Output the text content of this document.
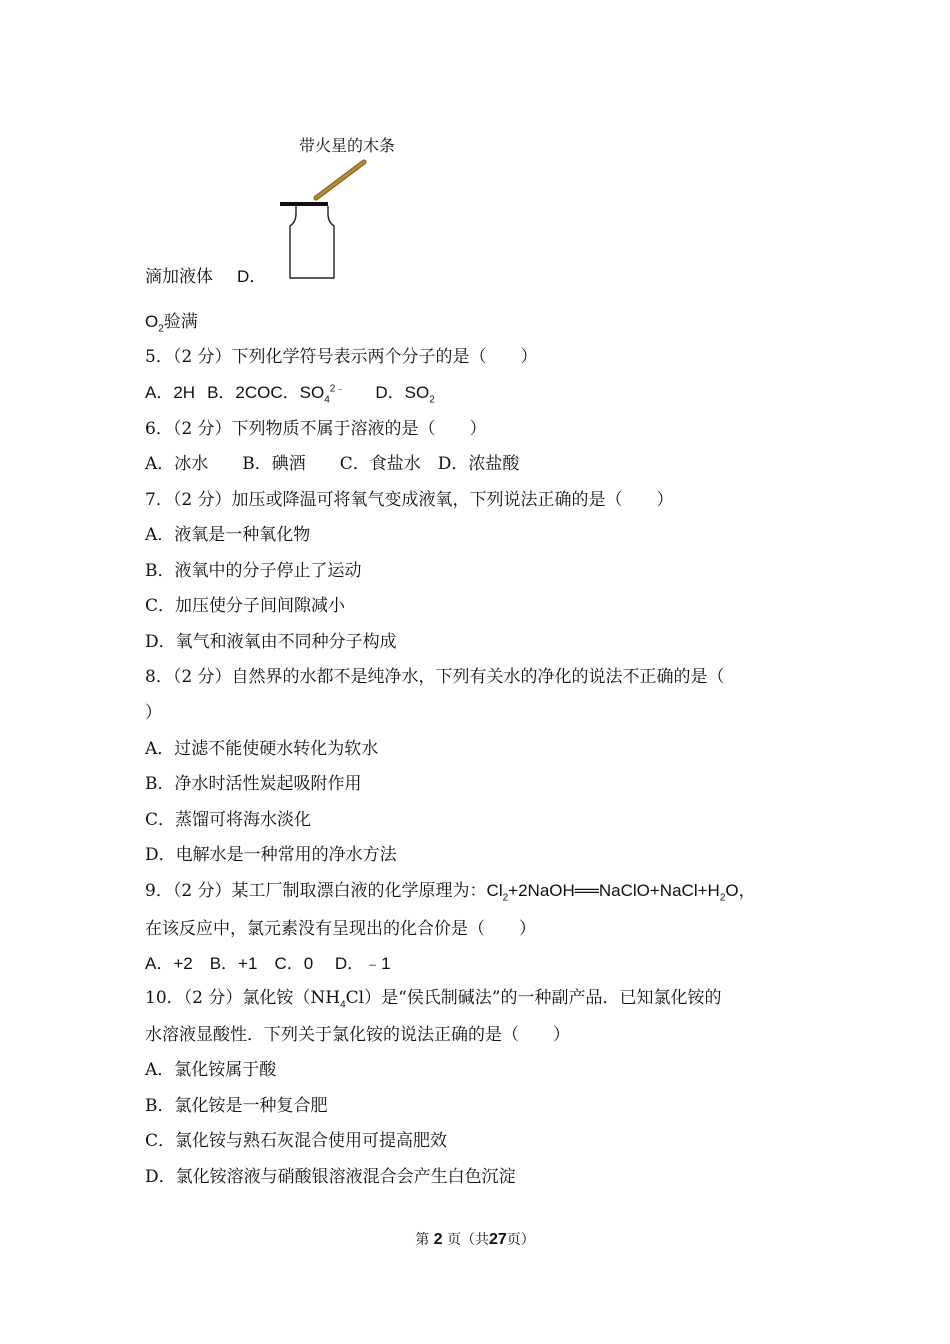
带火星的木条
滴加液体 D．
$O_2$验满
5．（2 分）下列化学符号表示两个分子的是（　　）
A．2H B．2COC．$SO_4^{2﹣}$ D．$SO_2$
6．（2 分）下列物质不属于溶液的是（　　）
A．冰水　　B．碘酒　　C．食盐水　D．浓盐酸
7．（2 分）加压或降温可将氧气变成液氧，下列说法正确的是（　　）
A．液氧是一种氧化物
B．液氧中的分子停止了运动
C．加压使分子间间隙减小
D．氧气和液氧由不同种分子构成
8．（2 分）自然界的水都不是纯净水，下列有关水的净化的说法不正确的是（
）
A．过滤不能使硬水转化为软水
B．净水时活性炭起吸附作用
C．蒸馏可将海水淡化
D．电解水是一种常用的净水方法
9．（2 分）某工厂制取漂白液的化学原理为：$Cl_2+2NaOH══NaClO+NaCl+H_2O$，
在该反应中，氯元素没有呈现出的化合价是（　　）
A．+2　B．+1　C．0　 D．﹣1
10．（2 分）氯化铵$(NH_4Cl)$是“侯氏制碱法”的一种副产品．已知氯化铵的
水溶液显酸性．下列关于氯化铵的说法正确的是（　　）
A．氯化铵属于酸
B．氯化铵是一种复合肥
C．氯化铵与熟石灰混合使用可提高肥效
D．氯化铵溶液与硝酸银溶液混合会产生白色沉淀
第 2 页（共27页）
